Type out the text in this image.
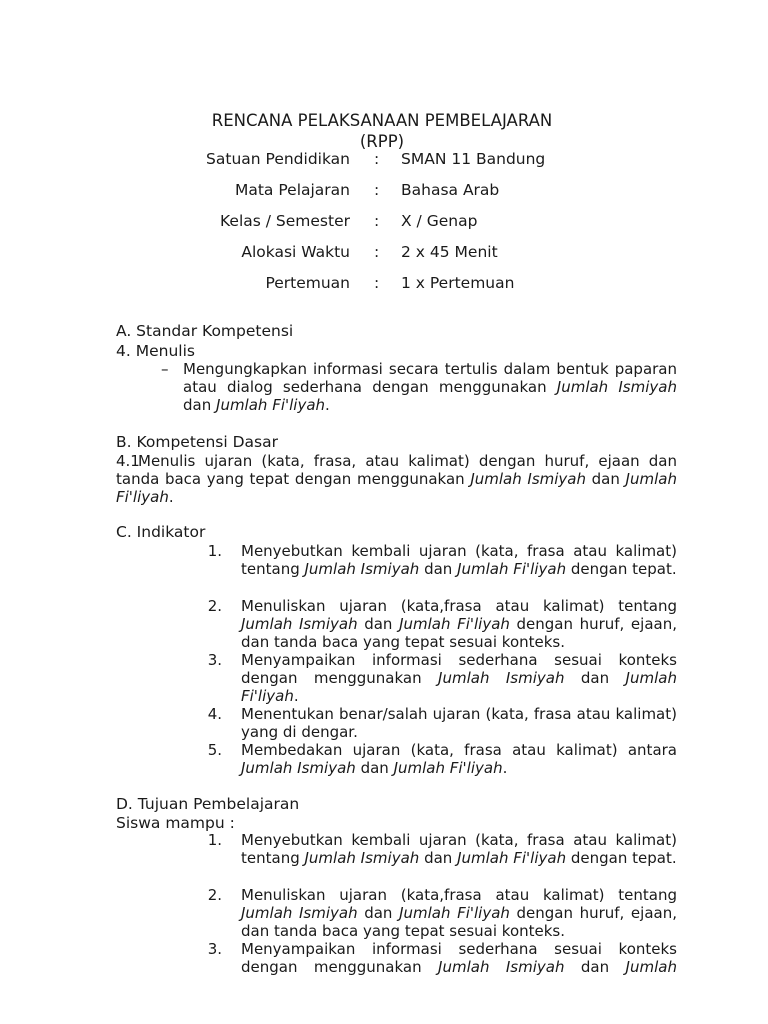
RENCANA PELAKSANAAN PEMBELAJARAN
(RPP)
Satuan Pendidikan : SMAN 11 Bandung
Mata Pelajaran : Bahasa Arab
Kelas / Semester : X / Genap
Alokasi Waktu : 2 x 45 Menit
Pertemuan : 1 x Pertemuan
A. Standar Kompetensi
4. Menulis
– Mengungkapkan informasi secara tertulis dalam bentuk paparan atau dialog sederhana dengan menggunakan Jumlah Ismiyah dan Jumlah Fi'liyah.
B. Kompetensi Dasar
4.1
Menulis ujaran (kata, frasa, atau kalimat) dengan huruf, ejaan dan tanda baca yang tepat dengan menggunakan Jumlah Ismiyah dan Jumlah Fi'liyah.
C. Indikator
1. Menyebutkan kembali ujaran (kata, frasa atau kalimat) tentang Jumlah Ismiyah dan Jumlah Fi'liyah dengan tepat.
2. Menuliskan ujaran (kata,frasa atau kalimat) tentang Jumlah Ismiyah dan Jumlah Fi'liyah dengan huruf, ejaan, dan tanda baca yang tepat sesuai konteks.
3. Menyampaikan informasi sederhana sesuai konteks dengan menggunakan Jumlah Ismiyah dan Jumlah Fi'liyah.
4. Menentukan benar/salah ujaran (kata, frasa atau kalimat) yang di dengar.
5. Membedakan ujaran (kata, frasa atau kalimat) antara Jumlah Ismiyah dan Jumlah Fi'liyah.
D. Tujuan Pembelajaran
Siswa mampu :
1. Menyebutkan kembali ujaran (kata, frasa atau kalimat) tentang Jumlah Ismiyah dan Jumlah Fi'liyah dengan tepat.
2. Menuliskan ujaran (kata,frasa atau kalimat) tentang Jumlah Ismiyah dan Jumlah Fi'liyah dengan huruf, ejaan, dan tanda baca yang tepat sesuai konteks.
3. Menyampaikan informasi sederhana sesuai konteks dengan menggunakan Jumlah Ismiyah dan Jumlah
